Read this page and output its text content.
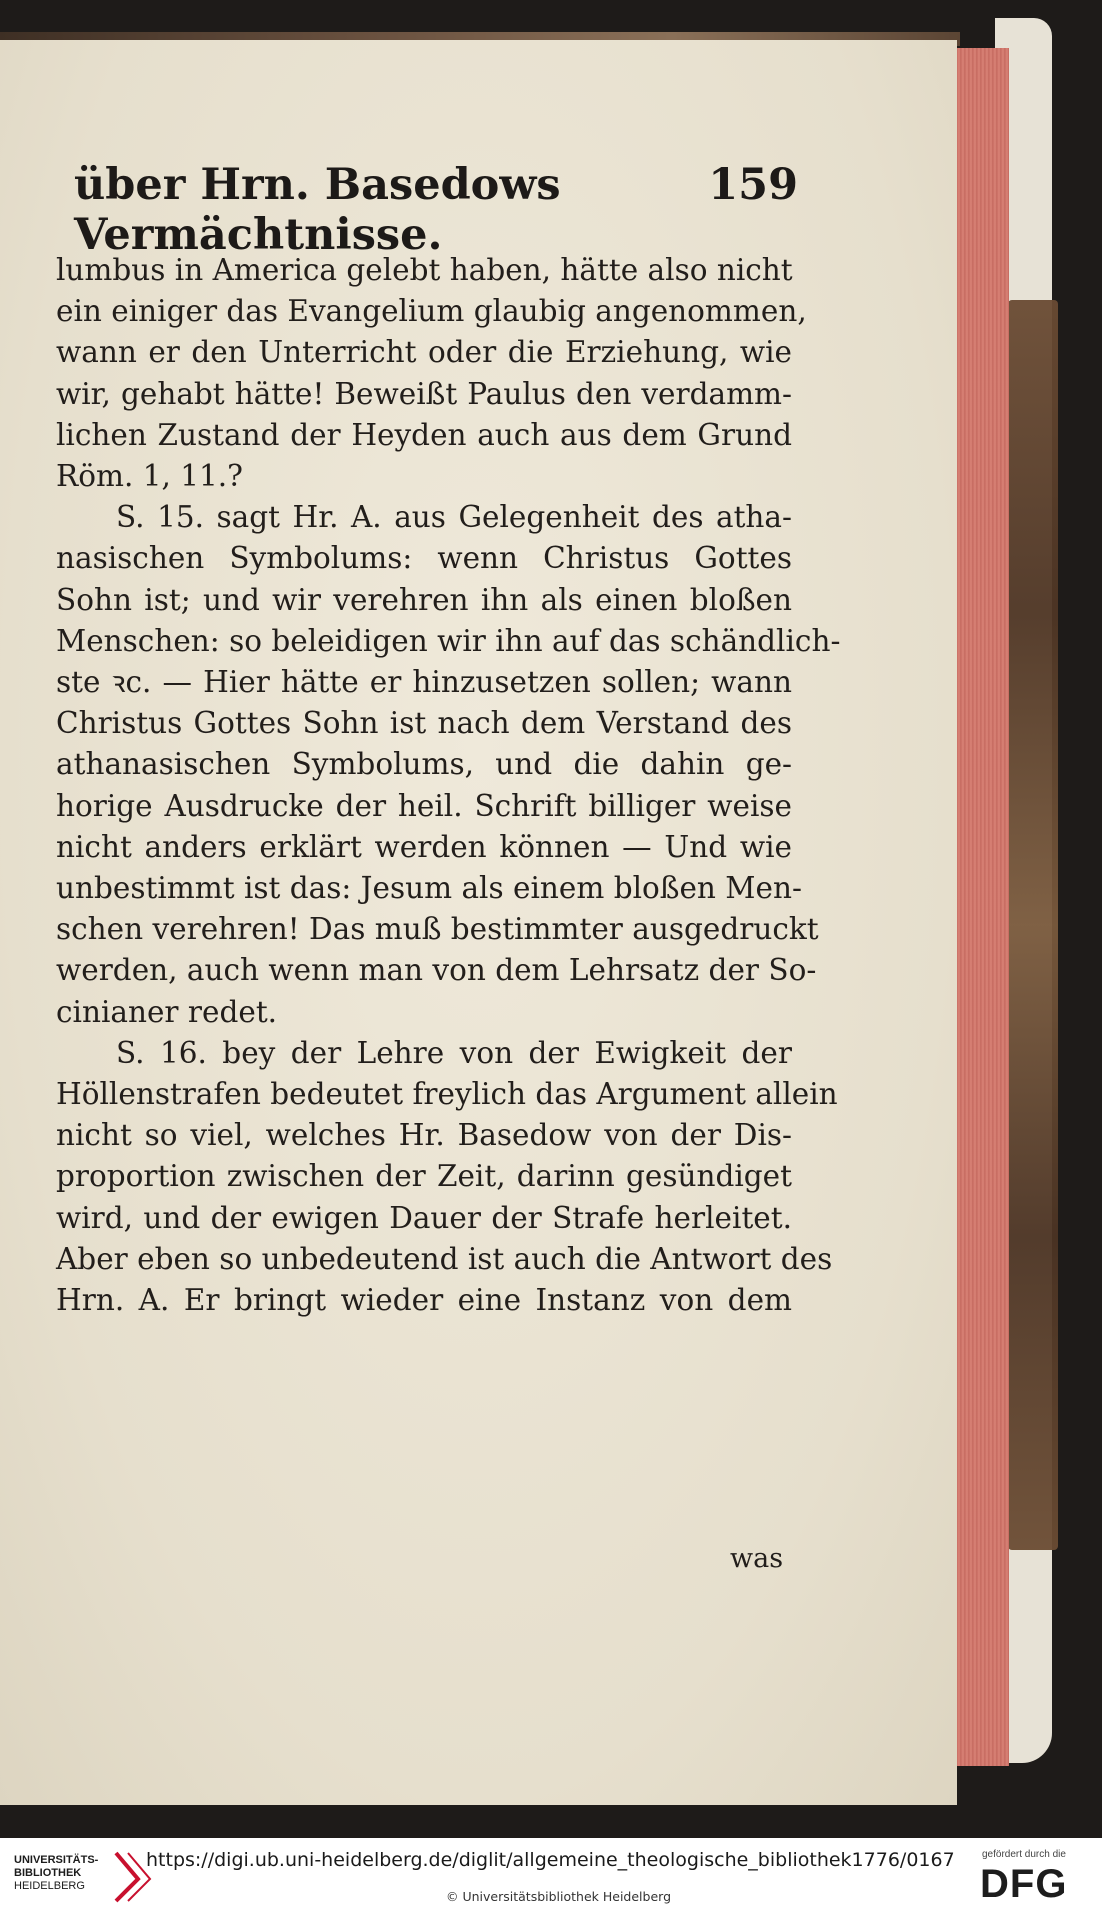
über Hrn. Basedows Vermächtnisse.
159
lumbus in America gelebt haben, hätte also nicht
ein einiger das Evangelium glaubig angenommen,
wann er den Unterricht oder die Erziehung, wie
wir, gehabt hätte! Beweißt Paulus den verdamm-
lichen Zustand der Heyden auch aus dem Grund
Röm. 1, 11.?
S. 15. sagt Hr. A. aus Gelegenheit des atha-
nasischen Symbolums: wenn Christus Gottes
Sohn ist; und wir verehren ihn als einen bloßen
Menschen: so beleidigen wir ihn auf das schändlich-
ste ꝛc. — Hier hätte er hinzusetzen sollen; wann
Christus Gottes Sohn ist nach dem Verstand des
athanasischen Symbolums, und die dahin ge-
horige Ausdrucke der heil. Schrift billiger weise
nicht anders erklärt werden können — Und wie
unbestimmt ist das: Jesum als einem bloßen Men-
schen verehren! Das muß bestimmter ausgedruckt
werden, auch wenn man von dem Lehrsatz der So-
cinianer redet.
S. 16. bey der Lehre von der Ewigkeit der
Höllenstrafen bedeutet freylich das Argument allein
nicht so viel, welches Hr. Basedow von der Dis-
proportion zwischen der Zeit, darinn gesündiget
wird, und der ewigen Dauer der Strafe herleitet.
Aber eben so unbedeutend ist auch die Antwort des
Hrn. A. Er bringt wieder eine Instanz von dem
was
UNIVERSITÄTS-
BIBLIOTHEK
HEIDELBERG
https://digi.ub.uni-heidelberg.de/diglit/allgemeine_theologische_bibliothek1776/0167
© Universitätsbibliothek Heidelberg
gefördert durch die
DFG
